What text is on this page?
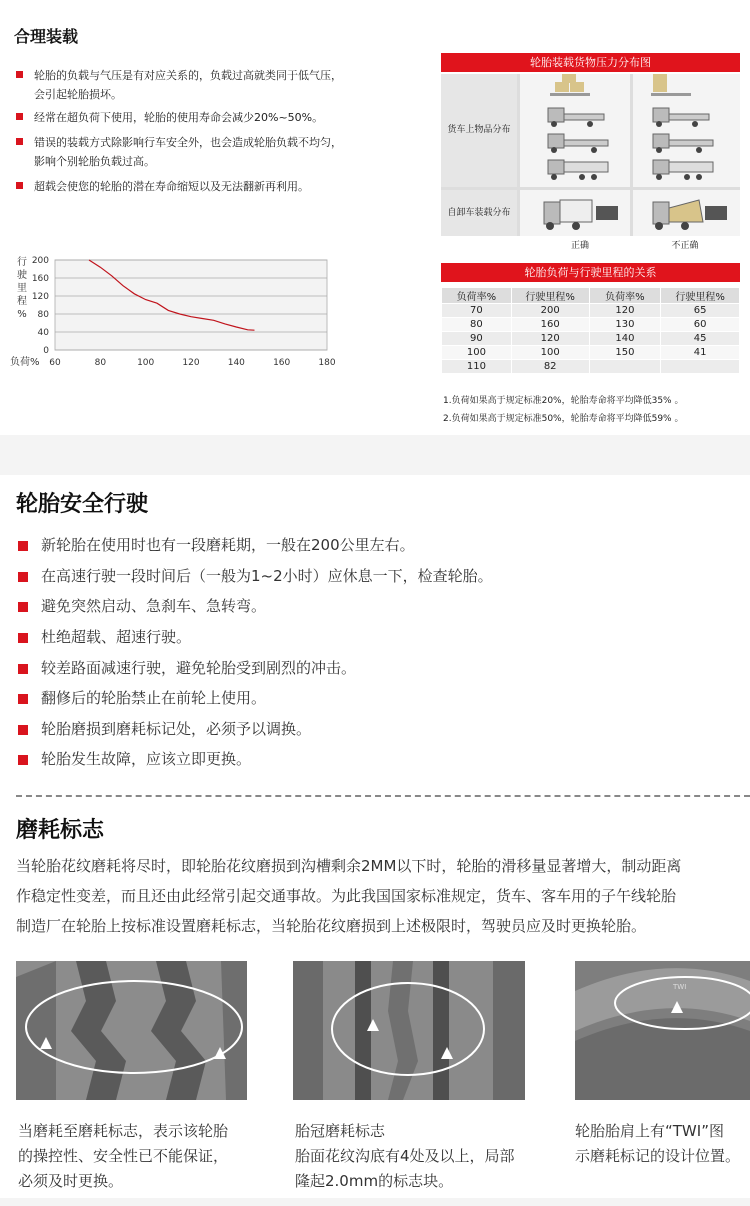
合理装载
轮胎的负载与气压是有对应关系的，负载过高就类同于低气压，
会引起轮胎损坏。
经常在超负荷下使用，轮胎的使用寿命会减少20%~50%。
错误的装载方式除影响行车安全外，也会造成轮胎负载不均匀，
影响个别轮胎负载过高。
超载会使您的轮胎的潜在寿命缩短以及无法翻新再利用。
行
驶
里
程
%
0
40
80
120
160
200
60	80	100	120	140	160	180
负荷%
轮胎装载货物压力分布图
货车上物品分布
自卸车装载分布
正确	不正确
轮胎负荷与行驶里程的关系
负荷率%	行驶里程%	负荷率%	行驶里程%
70	200	120	65
80	160	130	60
90	120	140	45
100	100	150	41
110	82		
1.负荷如果高于规定标准20%，轮胎寿命将平均降低35% 。
2.负荷如果高于规定标准50%，轮胎寿命将平均降低59% 。
轮胎安全行驶
新轮胎在使用时也有一段磨耗期，一般在200公里左右。
在高速行驶一段时间后（一般为1~2小时）应休息一下，检查轮胎。
避免突然启动、急刹车、急转弯。
杜绝超载、超速行驶。
较差路面减速行驶，避免轮胎受到剧烈的冲击。
翻修后的轮胎禁止在前轮上使用。
轮胎磨损到磨耗标记处，必须予以调换。
轮胎发生故障，应该立即更换。
磨耗标志
当轮胎花纹磨耗将尽时，即轮胎花纹磨损到沟槽剩余2MM以下时，轮胎的滑移量显著增大，制动距离
作稳定性变差，而且还由此经常引起交通事故。为此我国国家标准规定，货车、客车用的子午线轮胎
制造厂在轮胎上按标准设置磨耗标志，当轮胎花纹磨损到上述极限时，驾驶员应及时更换轮胎。
TWI
当磨耗至磨耗标志，表示该轮胎
的操控性、安全性已不能保证，
必须及时更换。
胎冠磨耗标志
胎面花纹沟底有4处及以上，局部
隆起2.0mm的标志块。
轮胎胎肩上有“TWI”图
示磨耗标记的设计位置。
